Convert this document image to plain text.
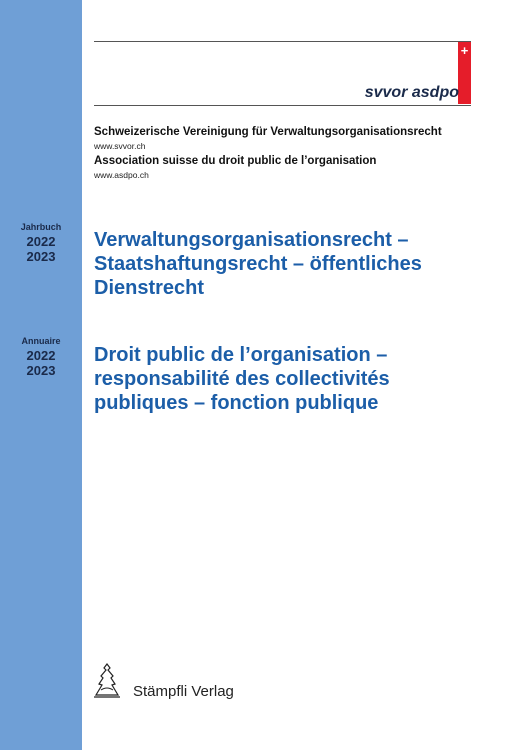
Jahrbuch
2022
2023
Annuaire
2022
2023
+
svvor asdpo
Schweizerische Vereinigung für Verwaltungsorganisationsrecht
www.svvor.ch
Association suisse du droit public de l’organisation
www.asdpo.ch
Verwaltungsorganisationsrecht –
Staatshaftungsrecht – öffentliches
Dienstrecht
Droit public de l’organisation –
responsabilité des collectivités
publiques – fonction publique
Stämpfli Verlag
